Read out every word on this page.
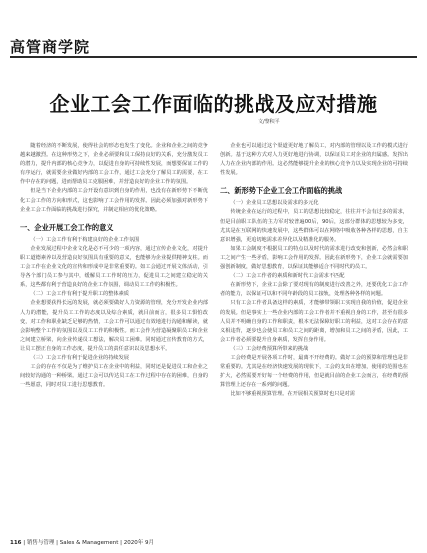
高管商学院
企业工会工作面临的挑战及应对措施
文/黎积平

随着经济的不断发展，使得社会的形态也发生了变化。企业和企业之间的竞争越来越激烈。在这种形势之下，企业必须要和员工保持良好的关系，充分激发员工的潜力，提升内部的核心竞争力，以促进自身的可持续性发展，而想要保证工作的有序运行，就需要企业做好内部的工会工作，通过工会充分了解员工的需要，在工作中存在的问题，进而帮助员工克服困难，并营造良好的企业工作的氛围。

但是当下企业内部的工会开设有意识到自身的作用，也没有在新形势下不断优化工会工作的方向和形式，这也影响了工会作用的发挥。因此必须加强对新形势下企业工会工作面临的挑战进行探究，并制定相应的优化策略。

一、企业开展工会工作的意义
（一）工会工作有利于构建良好的企业工作氛围

企业发展过程中企业文化是必不可少的一项内容，通过宣传企业文化，对提升职工道德素养以及营造良好氛围具有重要的意义，也能够为企业提供精神支柱。而工会工作在企业文化的宣传和形成中是非常重要的。如工会通过开展文体活动，引导各个部门员工参与其中，缓解员工工作时的压力，促进员工之间建立稳定的关系，这些都有利于营造良好的企业工作氛围，调动员工工作的积极性。

（二）工会工作有利于提升职工的整体素质

企业想要获得长远的发展，就必须要做好人力资源的管理，充分开发企业内部人力的潜能，提升员工工作的态度以及综合素质，就目前而言，很多员工惧怕改变，对工作和职业缺乏足够的热情，工会工作可以通过有效地进行沟通和解读，就会影响整个工作的氛围以及员工工作的积极性。而工会作为营造凝聚职员工和企业之间建立桥梁，向企业传递员工想法，解决员工困难。同时通过宣传教育的方式，让员工摆正自身的工作态度，提升员工的责任意识以及思想水平。

（三）工会工作有利于促进企业的持续发展

工会的存在不仅是为了维护员工在企业中的利益，同时还是促进员工和企业之间较好沟通的一种桥梁。通过工会可以传达员工在工作过程中存在的困难，自身的一些愿意，同时对员工进行思想教育。

企业也可以通过这个渠道更好地了解员工，对内部的管理以及工作的模式进行创新。基于这种方式对人力更好地进行协调，以保证员工对企业的归属感。发挥出人力在企业内部的作用。这必然能够提升企业的核心竞争力以及实现企业的可持续性发展。

二、新形势下企业工会工作面临的挑战
（一）企业员工思想以及需求的多元化

传统企业在运行的过程中，员工的思想比较稳定，往往并不会有过多的需求，但是目前职工队伍的主力军对较普遍00后，90后，这部分群体的思想较为多变，尤其是在互联网的快速发展中，这些群体可以在网络中吸收各种各样的思想，自主意识增强，更追切地需求差异化以及精准化的服务。

如果工会制度不根据员工的特点以及时代的需求进行改变和创新，必然会和职工之间产生一些矛盾，影响工会作用的发挥。因此在新形势下，企业工会就需要加强创新制度，做好思想教育，以保证其能够适合不同时代的员工。

（二）工会工作者的素质和新时代工会需求不匹配

在新形势下，企业工会除了要对现有的制度进行改善之外，还要优化工会工作者的能力，以保证可以和不同年龄段的员工接轨，处理各种各样的问题。

只有工会工作者具备这样的素质，才能够带领职工实现自我的价值，促进企业的发展。但是事实上一些企业内部的工会工作者并不重视自身的工作，甚至有很多人员并不明确自身的工作和职责，根本无法保障好职工的利益，这对工会存在的意义相违背，逐步也会使员工和员工之间的距离，增加和员工之间的矛盾，因此，工会工作者必须要提升自身素质，发挥自身作用。

（三）工会经费预算所带来的挑战

工会经费是开展各项工作时，最离不开经费的。做好工会的预算和管理也是非常重要的。尤其是在经济快速发展的现状下，工会的支出在增加，使用的范围也在扩大，必然需要开好每一个经费的作用，但是就目前的企业工会而言，在经费的预算管理上还存在一系列的问题。

比如不够重视预算管理。在开展相关预算时也只是对需

116 | 销售与管理 | Sales & Management | 2020年 9月
